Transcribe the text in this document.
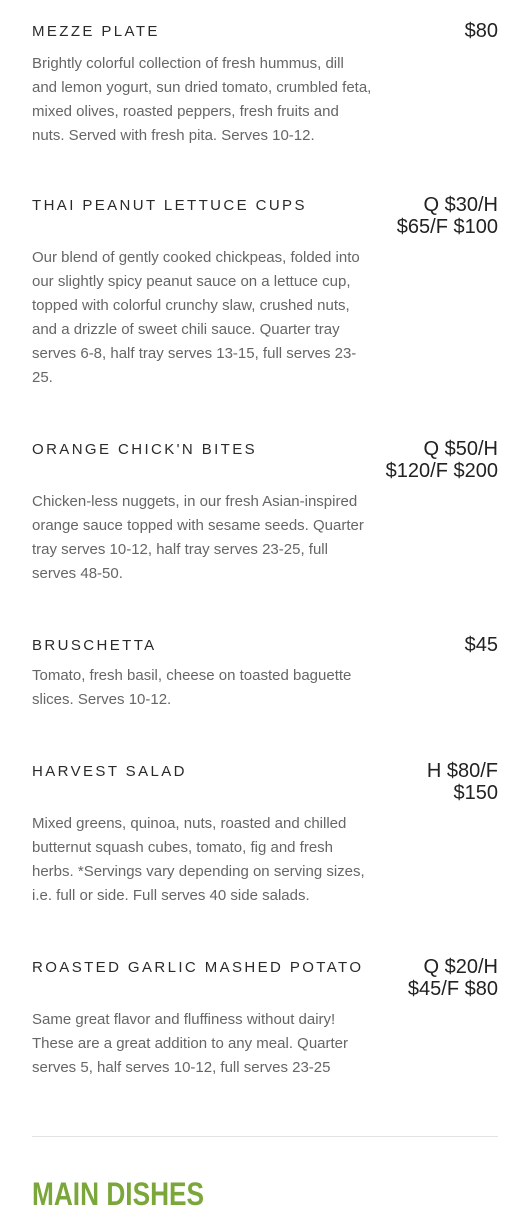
MEZZE PLATE	$80
Brightly colorful collection of fresh hummus, dill and lemon yogurt, sun dried tomato, crumbled feta, mixed olives, roasted peppers, fresh fruits and nuts. Served with fresh pita. Serves 10-12.
THAI PEANUT LETTUCE CUPS	Q $30/H $65/F $100
Our blend of gently cooked chickpeas, folded into our slightly spicy peanut sauce on a lettuce cup, topped with colorful crunchy slaw, crushed nuts, and a drizzle of sweet chili sauce. Quarter tray serves 6-8, half tray serves 13-15, full serves 23-25.
ORANGE CHICK'N BITES	Q $50/H $120/F $200
Chicken-less nuggets, in our fresh Asian-inspired orange sauce topped with sesame seeds. Quarter tray serves 10-12, half tray serves 23-25, full serves 48-50.
BRUSCHETTA	$45
Tomato, fresh basil, cheese on toasted baguette slices. Serves 10-12.
HARVEST SALAD	H $80/F $150
Mixed greens, quinoa, nuts, roasted and chilled butternut squash cubes, tomato, fig and fresh herbs. *Servings vary depending on serving sizes, i.e. full or side. Full serves 40 side salads.
ROASTED GARLIC MASHED POTATO	Q $20/H $45/F $80
Same great flavor and fluffiness without dairy! These are a great addition to any meal. Quarter serves 5, half serves 10-12, full serves 23-25
MAIN DISHES
